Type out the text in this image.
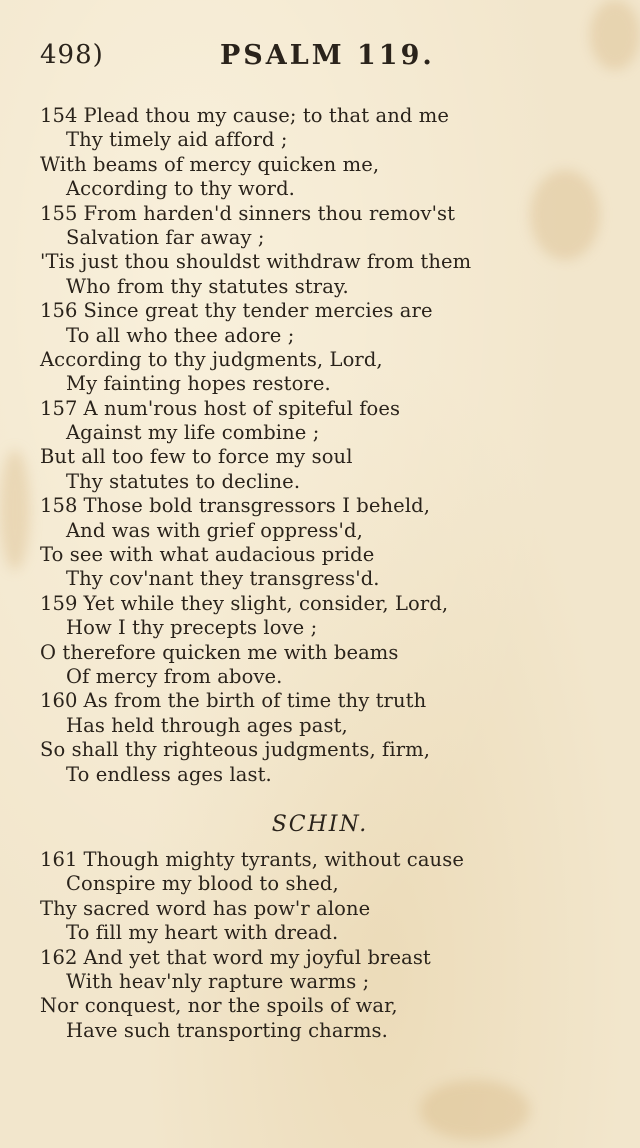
498)	PSALM 119.
154 Plead thou my cause; to that and me
Thy timely aid afford ;
With beams of mercy quicken me,
According to thy word.
155 From harden'd sinners thou remov'st
Salvation far away ;
'Tis just thou shouldst withdraw from them
Who from thy statutes stray.
156 Since great thy tender mercies are
To all who thee adore ;
According to thy judgments, Lord,
My fainting hopes restore.
157 A num'rous host of spiteful foes
Against my life combine ;
But all too few to force my soul
Thy statutes to decline.
158 Those bold transgressors I beheld,
And was with grief oppress'd,
To see with what audacious pride
Thy cov'nant they transgress'd.
159 Yet while they slight, consider, Lord,
How I thy precepts love ;
O therefore quicken me with beams
Of mercy from above.
160 As from the birth of time thy truth
Has held through ages past,
So shall thy righteous judgments, firm,
To endless ages last.
SCHIN.
161 Though mighty tyrants, without cause
Conspire my blood to shed,
Thy sacred word has pow'r alone
To fill my heart with dread.
162 And yet that word my joyful breast
With heav'nly rapture warms ;
Nor conquest, nor the spoils of war,
Have such transporting charms.
